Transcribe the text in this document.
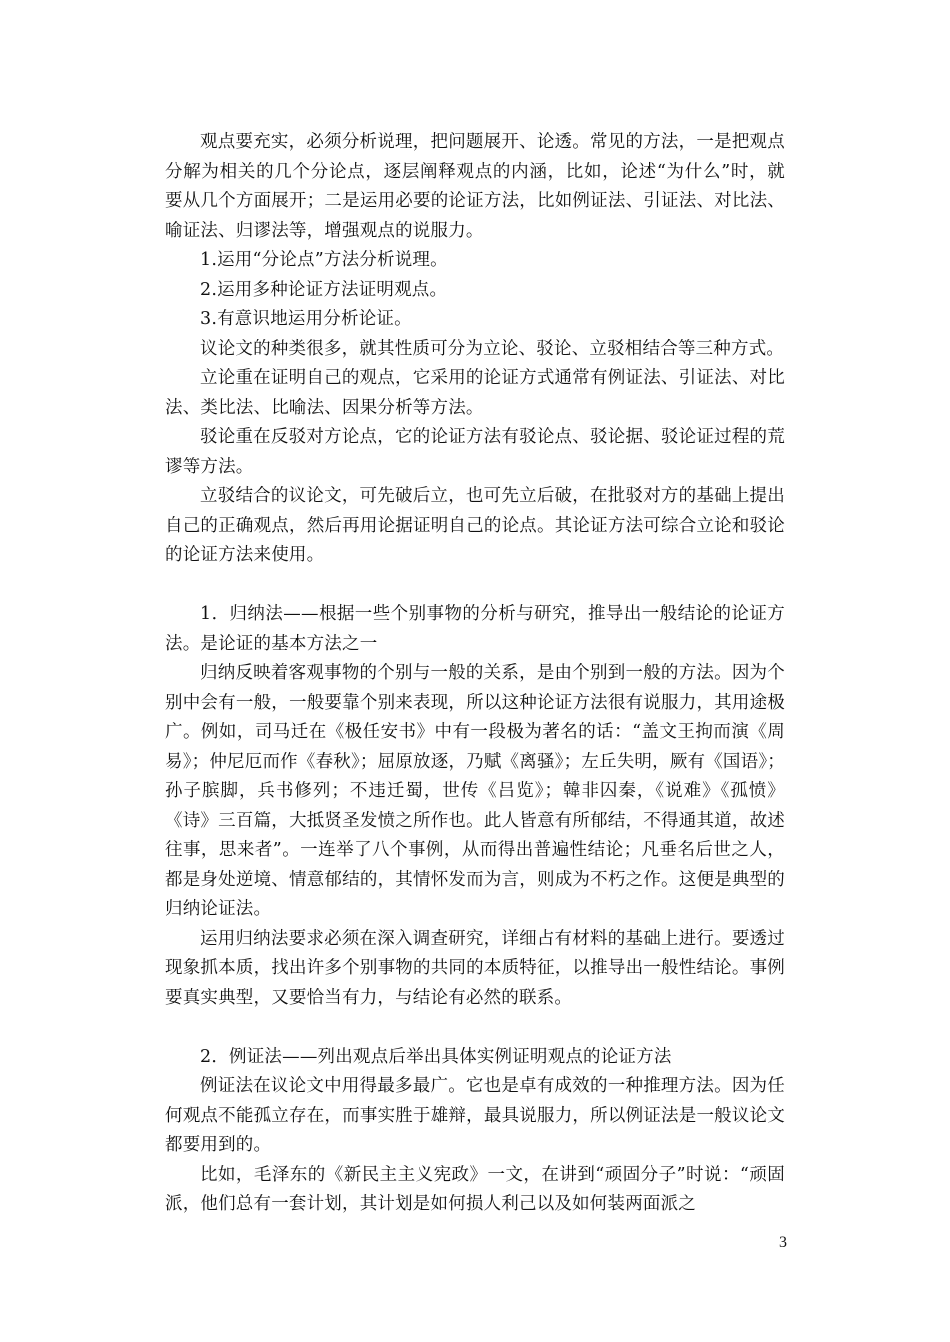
观点要充实，必须分析说理，把问题展开、论透。常见的方法，一是把观点分解为相关的几个分论点，逐层阐释观点的内涵，比如，论述“为什么”时，就要从几个方面展开；二是运用必要的论证方法，比如例证法、引证法、对比法、喻证法、归谬法等，增强观点的说服力。

1.运用“分论点”方法分析说理。

2.运用多种论证方法证明观点。

3.有意识地运用分析论证。

议论文的种类很多，就其性质可分为立论、驳论、立驳相结合等三种方式。

立论重在证明自己的观点，它采用的论证方式通常有例证法、引证法、对比法、类比法、比喻法、因果分析等方法。

驳论重在反驳对方论点，它的论证方法有驳论点、驳论据、驳论证过程的荒谬等方法。

立驳结合的议论文，可先破后立，也可先立后破，在批驳对方的基础上提出自己的正确观点，然后再用论据证明自己的论点。其论证方法可综合立论和驳论的论证方法来使用。

1．归纳法——根据一些个别事物的分析与研究，推导出一般结论的论证方法。是论证的基本方法之一

归纳反映着客观事物的个别与一般的关系，是由个别到一般的方法。因为个别中会有一般，一般要靠个别来表现，所以这种论证方法很有说服力，其用途极广。例如，司马迁在《极任安书》中有一段极为著名的话：“盖文王拘而演《周易》；仲尼厄而作《春秋》；屈原放逐，乃赋《离骚》；左丘失明，厥有《国语》；孙子膑脚，兵书修列；不违迁蜀，世传《吕览》；韓非囚秦，《说难》《孤愤》《诗》三百篇，大抵贤圣发愤之所作也。此人皆意有所郁结，不得通其道，故述往事，思来者”。一连举了八个事例，从而得出普遍性结论；凡垂名后世之人，都是身处逆境、情意郁结的，其情怀发而为言，则成为不朽之作。这便是典型的归纳论证法。

运用归纳法要求必须在深入调查研究，详细占有材料的基础上进行。要透过现象抓本质，找出许多个别事物的共同的本质特征，以推导出一般性结论。事例要真实典型，又要恰当有力，与结论有必然的联系。

2．例证法——列出观点后举出具体实例证明观点的论证方法

例证法在议论文中用得最多最广。它也是卓有成效的一种推理方法。因为任何观点不能孤立存在，而事实胜于雄辩，最具说服力，所以例证法是一般议论文都要用到的。

比如，毛泽东的《新民主主义宪政》一文，在讲到“顽固分子”时说：“顽固派，他们总有一套计划，其计划是如何损人利己以及如何装两面派之

3
